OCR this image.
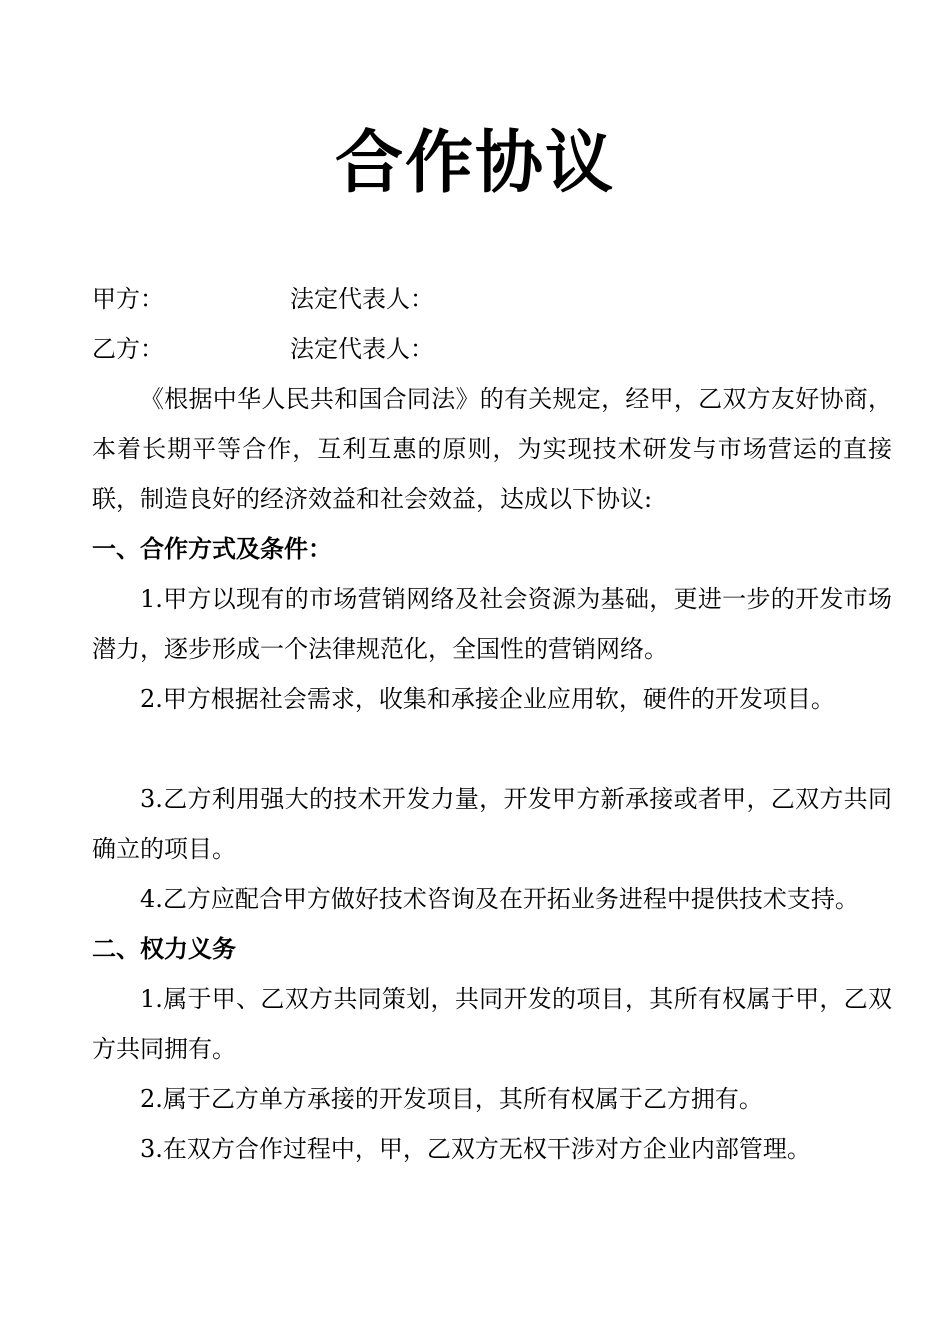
合作协议
甲方：	法定代表人：
乙方：	法定代表人：

《根据中华人民共和国合同法》的有关规定，经甲，乙双方友好协商，本着长期平等合作，互利互惠的原则，为实现技术研发与市场营运的直接联，制造良好的经济效益和社会效益，达成以下协议:

一、合作方式及条件：

1.甲方以现有的市场营销网络及社会资源为基础，更进一步的开发市场潜力，逐步形成一个法律规范化，全国性的营销网络。

2.甲方根据社会需求，收集和承接企业应用软，硬件的开发项目。

3.乙方利用强大的技术开发力量，开发甲方新承接或者甲，乙双方共同确立的项目。

4.乙方应配合甲方做好技术咨询及在开拓业务进程中提供技术支持。

二、权力义务

1.属于甲、乙双方共同策划，共同开发的项目，其所有权属于甲，乙双方共同拥有。

2.属于乙方单方承接的开发项目，其所有权属于乙方拥有。

3.在双方合作过程中，甲，乙双方无权干涉对方企业内部管理。
